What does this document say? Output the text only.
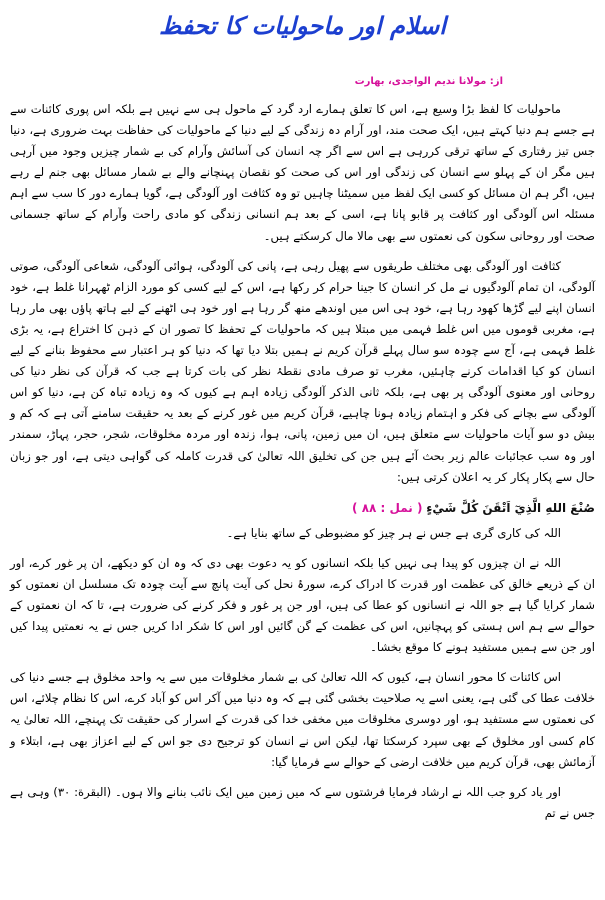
اسلام اور ماحولیات کا تحفظ
از: مولانا ندیم الواجدی، بھارت

ماحولیات کا لفظ بڑا وسیع ہے، اس کا تعلق ہمارے ارد گرد کے ماحول ہی سے نہیں ہے بلکہ اس پوری کائنات سے ہے جسے ہم دنیا کہتے ہیں، ایک صحت مند، اور آرام دہ زندگی کے لیے دنیا کے ماحولیات کی حفاظت بہت ضروری ہے، دنیا جس تیز رفتاری کے ساتھ ترقی کررہی ہے اس سے اگر چہ انسان کی آسائش وآرام کی بے شمار چیزیں وجود میں آرہی ہیں مگر ان کے پہلو سے انسان کی زندگی اور اس کی صحت کو نقصان پہنچانے والے بے شمار مسائل بھی جنم لے رہے ہیں، اگر ہم ان مسائل کو کسی ایک لفظ میں سمیٹنا چاہیں تو وہ کثافت اور آلودگی ہے، گویا ہمارے دور کا سب سے اہم مسئلہ اس آلودگی اور کثافت پر قابو پانا ہے، اسی کے بعد ہم انسانی زندگی کو مادی راحت وآرام کے ساتھ جسمانی صحت اور روحانی سکون کی نعمتوں سے بھی مالا مال کرسکتے ہیں۔

کثافت اور آلودگی بھی مختلف طریقوں سے پھیل رہی ہے، پانی کی آلودگی، ہوائی آلودگی، شعاعی آلودگی، صوتی آلودگی، ان تمام آلودگیوں نے مل کر انسان کا جینا حرام کر رکھا ہے، اس کے لیے کسی کو مورد الزام ٹھہرانا غلط ہے، خود انسان اپنے لیے گڑھا کھود رہا ہے، خود ہی اس میں اوندھے منھ گر رہا ہے اور خود ہی اٹھنے کے لیے ہاتھ پاؤں بھی مار رہا ہے، مغربی قوموں میں اس غلط فہمی میں مبتلا ہیں کہ ماحولیات کے تحفظ کا تصور ان کے ذہن کا اختراع ہے، یہ بڑی غلط فہمی ہے، آج سے چودہ سو سال پہلے قرآن کریم نے ہمیں بتلا دیا تھا کہ دنیا کو ہر اعتبار سے محفوظ بنانے کے لیے انسان کو کیا اقدامات کرنے چاہئیں، مغرب تو صرف مادی نقطۂ نظر کی بات کرتا ہے جب کہ قرآن کی نظر دنیا کی روحانی اور معنوی آلودگی پر بھی ہے، بلکہ ثانی الذکر آلودگی زیادہ اہم ہے کیوں کہ وہ زیادہ تباہ کن ہے، دنیا کو اس آلودگی سے بچانے کی فکر و اہتمام زیادہ ہونا چاہیے، قرآن کریم میں غور کرنے کے بعد یہ حقیقت سامنے آتی ہے کہ کم و بیش دو سو آیات ماحولیات سے متعلق ہیں، ان میں زمین، پانی، ہوا، زندہ اور مردہ مخلوقات، شجر، حجر، پہاڑ، سمندر اور وہ سب عجائبات عالم زیر بحث آئے ہیں جن کی تخلیق اللہ تعالیٰ کی قدرت کاملہ کی گواہی دیتی ہے، اور جو زبان حال سے پکار پکار کر یہ اعلان کرتی ہیں:

صُنْعَ اللهِ الَّذِيٓ اَتْقَنَ كُلَّ شَيْءٍ ( نمل : ٨٨ )

اللہ کی کاری گری ہے جس نے ہر چیز کو مضبوطی کے ساتھ بنایا ہے۔

اللہ نے ان چیزوں کو پیدا ہی نہیں کیا بلکہ انسانوں کو یہ دعوت بھی دی کہ وہ ان کو دیکھے، ان پر غور کرے، اور ان کے ذریعے خالق کی عظمت اور قدرت کا ادراک کرے، سورۂ نحل کی آیت پانچ سے آیت چودہ تک مسلسل ان نعمتوں کو شمار کرایا گیا ہے جو اللہ نے انسانوں کو عطا کی ہیں، اور جن پر غور و فکر کرنے کی ضرورت ہے، تا کہ ان نعمتوں کے حوالے سے ہم اس ہستی کو پہچانیں، اس کی عظمت کے گن گائیں اور اس کا شکر ادا کریں جس نے یہ نعمتیں پیدا کیں اور جن سے ہمیں مستفید ہونے کا موقع بخشا۔

اس کائنات کا محور انسان ہے، کیوں کہ اللہ تعالیٰ کی بے شمار مخلوقات میں سے یہ واحد مخلوق ہے جسے دنیا کی خلافت عطا کی گئی ہے، یعنی اسے یہ صلاحیت بخشی گئی ہے کہ وہ دنیا میں آکر اس کو آباد کرے، اس کا نظام چلائے، اس کی نعمتوں سے مستفید ہو، اور دوسری مخلوقات میں مخفی خدا کی قدرت کے اسرار کی حقیقت تک پہنچے، اللہ تعالیٰ یہ کام کسی اور مخلوق کے بھی سپرد کرسکتا تھا، لیکن اس نے انسان کو ترجیح دی جو اس کے لیے اعزاز بھی ہے، ابتلاء و آزمائش بھی، قرآن کریم میں خلافت ارضی کے حوالے سے فرمایا گیا:

اور یاد کرو جب اللہ نے ارشاد فرمایا فرشتوں سے کہ میں زمین میں ایک نائب بنانے والا ہوں۔ (البقرة: ٣٠) وہی ہے جس نے تم
